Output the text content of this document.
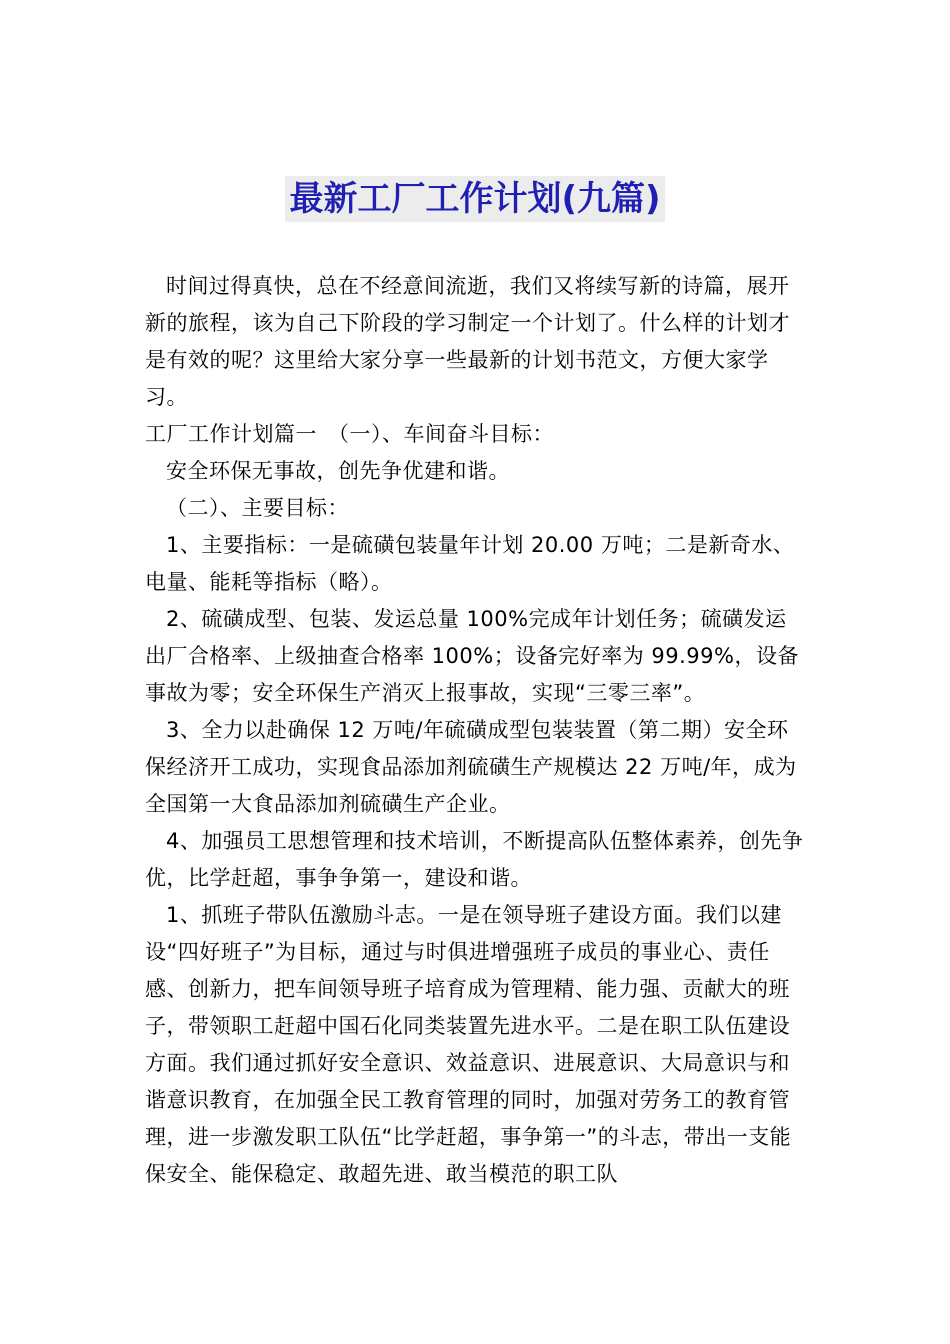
最新工厂工作计划(九篇)

时间过得真快，总在不经意间流逝，我们又将续写新的诗篇，展开新的旅程，该为自己下阶段的学习制定一个计划了。什么样的计划才是有效的呢？这里给大家分享一些最新的计划书范文，方便大家学习。

工厂工作计划篇一　（一）、车间奋斗目标：

安全环保无事故，创先争优建和谐。

（二）、主要目标：

1、主要指标：一是硫磺包装量年计划 20.00 万吨；二是新奇水、电量、能耗等指标（略）。

2、硫磺成型、包装、发运总量 100%完成年计划任务；硫磺发运出厂合格率、上级抽查合格率 100%；设备完好率为 99.99%，设备事故为零；安全环保生产消灭上报事故，实现“三零三率”。

3、全力以赴确保 12 万吨/年硫磺成型包装装置（第二期）安全环保经济开工成功，实现食品添加剂硫磺生产规模达 22 万吨/年，成为全国第一大食品添加剂硫磺生产企业。

4、加强员工思想管理和技术培训，不断提高队伍整体素养，创先争优，比学赶超，事争争第一，建设和谐。

1、抓班子带队伍激励斗志。一是在领导班子建设方面。我们以建设“四好班子”为目标，通过与时俱进增强班子成员的事业心、责任感、创新力，把车间领导班子培育成为管理精、能力强、贡献大的班子，带领职工赶超中国石化同类装置先进水平。二是在职工队伍建设方面。我们通过抓好安全意识、效益意识、进展意识、大局意识与和谐意识教育，在加强全民工教育管理的同时，加强对劳务工的教育管理，进一步激发职工队伍“比学赶超，事争第一”的斗志，带出一支能保安全、能保稳定、敢超先进、敢当模范的职工队
